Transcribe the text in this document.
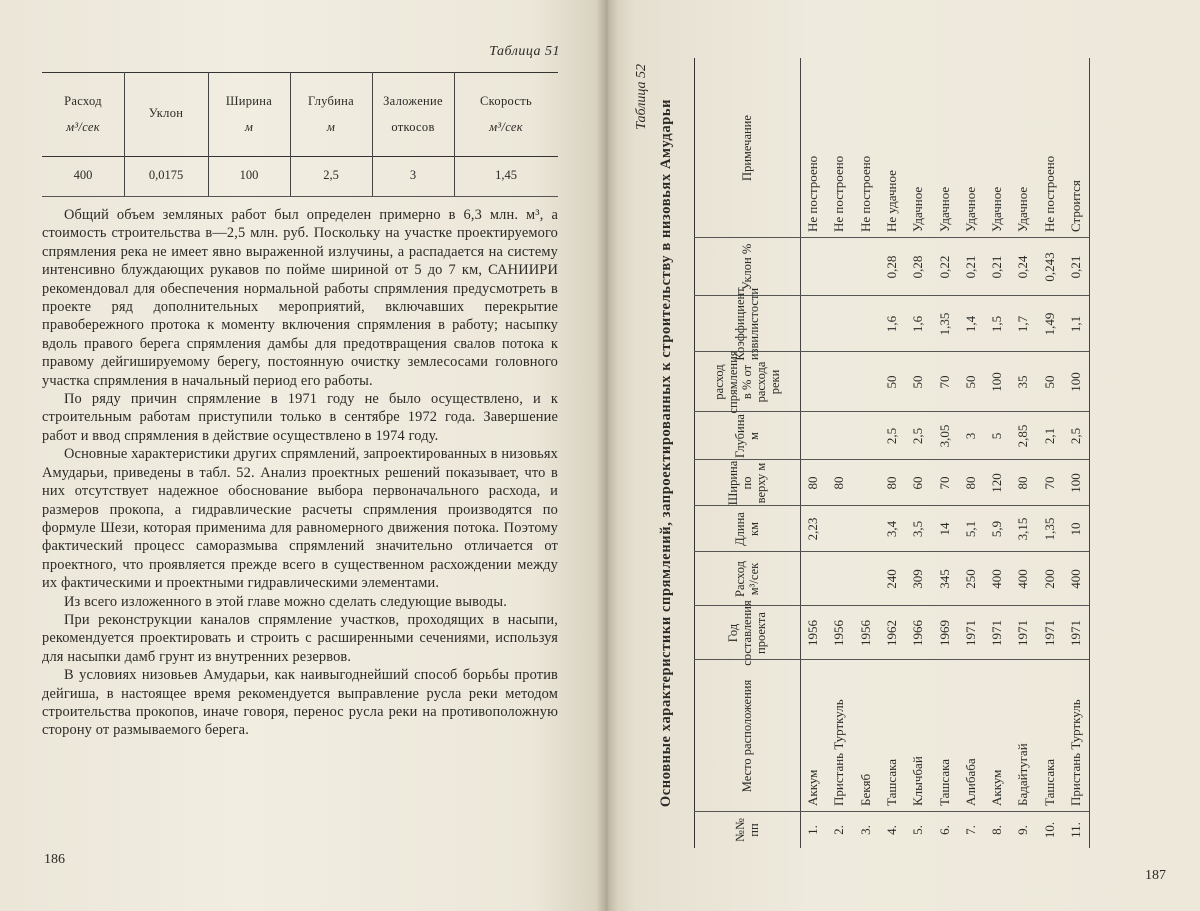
Таблица 51
Расход
м³/сек
400
Уклон
0,0175
Ширина
м
100
Глубина
м
2,5
Заложение
откосов
3
Скорость
м³/сек
1,45

Общий объем земляных работ был определен примерно в 6,3 млн. м³, а стоимость строительства в—2,5 млн. руб. Поскольку на участке проектируемого спрямления река не имеет явно выраженной излучины, а распадается на систему интенсивно блуждающих рукавов по пойме шириной от 5 до 7 км, САНИИРИ рекомендовал для обеспечения нормальной работы спрямления предусмотреть в проекте ряд дополнительных мероприятий, включавших перекрытие правобережного протока к моменту включения спрямления в работу; насыпку вдоль правого берега спрямления дамбы для предотвращения свалов потока к правому дейгишируемому берегу, постоянную очистку землесосами головного участка спрямления в начальный период его работы.

По ряду причин спрямление в 1971 году не было осуществлено, и к строительным работам приступили только в сентябре 1972 года. Завершение работ и ввод спрямления в действие осуществлено в 1974 году.

Основные характеристики других спрямлений, запроектированных в низовьях Амударьи, приведены в табл. 52. Анализ проектных решений показывает, что в них отсутствует надежное обоснование выбора первоначального расхода, и размеров прокопа, а гидравлические расчеты спрямления производятся по формуле Шези, которая применима для равномерного движения потока. Поэтому фактический процесс саморазмыва спрямлений значительно отличается от проектного, что проявляется прежде всего в существенном расхождении между их фактическими и проектными гидравлическими элементами.

Из всего изложенного в этой главе можно сделать следующие выводы.

При реконструкции каналов спрямление участков, проходящих в насыпи, рекомендуется проектировать и строить с расширенными сечениями, используя для насыпки дамб грунт из внутренних резервов.

В условиях низовьев Амударьи, как наивыгоднейший способ борьбы против дейгиша, в настоящее время рекомендуется выправление русла реки методом строительства прокопов, иначе говоря, перенос русла реки на противоположную сторону от размываемого берега.

186
Таблица 52
Основные характеристики спрямлений, запроектированных к строительству в низовьях Амударьи
№№ пп
Место расположения
Год составления проекта
Расход м³/сек
Длина км
Ширина по верху м
Глубина м
расход спрямления в % от расхода реки
Коэффициент извилистости
Уклон %
Примечание
1.
Аккум
1956
2,23
80
Не построено
2.
Пристань Турткуль
1956
80
Не построено
3.
Бекяб
1956
Не построено
4.
Ташсака
1962
240
3,4
80
2,5
50
1,6
0,28
Не удачное
5.
Клычбай
1966
309
3,5
60
2,5
50
1,6
0,28
Удачное
6.
Ташсака
1969
345
14
70
3,05
70
1,35
0,22
Удачное
7.
Алибаба
1971
250
5,1
80
3
50
1,4
0,21
Удачное
8.
Аккум
1971
400
5,9
120
5
100
1,5
0,21
Удачное
9.
Бадайтугай
1971
400
3,15
80
2,85
35
1,7
0,24
Удачное
10.
Ташсака
1971
200
1,35
70
2,1
50
1,49
0,243
Не построено
11.
Пристань Турткуль
1971
400
10
100
2,5
100
1,1
0,21
Строится
187
